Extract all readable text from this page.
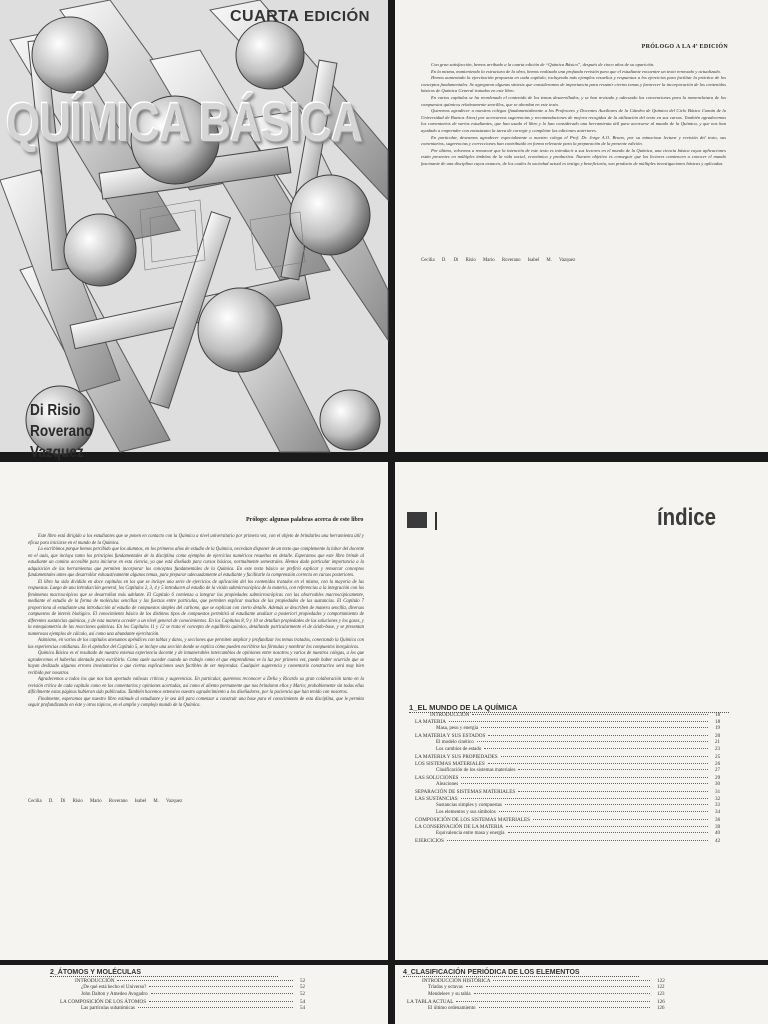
CUARTA EDICIÓN
QUÍMICA BÁSICA
Di Risio
Roverano
Vazquez
PRÓLOGO A LA 4ª EDICIÓN

Con gran satisfacción, hemos arribado a la cuarta edición de “Química Básica”, después de cinco años de su aparición.

En la misma, manteniendo la estructura de la obra, hemos realizado una profunda revisión para que el estudiante encuentre un texto renovado y actualizado.

Hemos aumentado la ejercitación propuesta en cada capítulo, incluyendo más ejemplos resueltos y respuestas a los ejercicios para facilitar la práctica de los conceptos fundamentales. Se agregaron algunas síntesis que consideramos de importancia para resumir ciertos temas y favorecer la incorporación de los contenidos básicos de Química General tratados en este libro.

En varios capítulos se ha reordenado el contenido de los temas desarrollados, y se han revisado y adecuado las convenciones para la nomenclatura de los compuestos químicos relativamente sencillos, que se abordan en este texto.

Queremos agradecer a nuestros colegas (fundamentalmente a los Profesores y Docentes Auxiliares de la Cátedra de Química del Ciclo Básico Común de la Universidad de Buenos Aires) por acercarnos sugerencias y recomendaciones de mejora recogidas de la utilización del texto en sus cursos. También agradecemos los comentarios de varios estudiantes, que han usado el libro y lo han considerado una herramienta útil para acercarse al mundo de la Química, y que nos han ayudado a emprender con entusiasmo la tarea de corregir y completar las ediciones anteriores.

En particular, deseamos agradecer especialmente a nuestro colega el Prof. Dr. Jorge A.O. Bruno, por su minuciosa lectura y revisión del texto, sus comentarios, sugerencias y correcciones han contribuido en forma relevante para la preparación de la presente edición.

Por último, volvemos a remarcar que la intención de este texto es introducir a sus lectores en el mundo de la Química, una ciencia básica cuyas aplicaciones están presentes en múltiples ámbitos de la vida social, económica y productiva. Nuestro objetivo es conseguir que los lectores comiencen a conocer el mundo fascinante de una disciplina cuyos avances, de los cuales la sociedad actual es testigo y beneficiaria, son producto de múltiples investigaciones básicas y aplicadas.

Cecilia D. Di Risio Mario Roverano Isabel M. Vazquez
Prólogo: algunas palabras acerca de este libro

Este libro está dirigido a los estudiantes que se ponen en contacto con la Química a nivel universitario por primera vez, con el objeto de brindarles una herramienta útil y eficaz para iniciarse en el mundo de la Química.

Lo escribimos porque hemos percibido que los alumnos, en los primeros años de estudio de la Química, necesitan disponer de un texto que complemente la labor del docente en el aula, que incluya tanto los principios fundamentales de la disciplina como ejemplos de ejercicios numéricos resueltos en detalle. Esperamos que este libro brinde al estudiante un camino accesible para iniciarse en esta ciencia, ya que está diseñado para cursos básicos, normalmente semestrales. Hemos dado particular importancia a la adquisición de las herramientas que permiten incorporar los conceptos fundamentales de la Química. En este texto básico se prefirió explicar y remarcar conceptos fundamentales antes que desarrollar exhaustivamente algunos temas, para preparar adecuadamente al estudiante y facilitarle la comprensión correcta en cursos posteriores.

El libro ha sido dividido en doce capítulos en los que se incluye una serie de ejercicios de aplicación del los contenidos tratados en el mismo, con la mayoría de las respuestas. Luego de una introducción general, los Capítulos 2, 3, 4 y 5 introducen al estudio de la visión submicroscópica de la materia, con referencias a la integración con los fenómenos macroscópicos que se desarrollan más adelante. El Capítulo 6 comienza a integrar las propiedades submicroscópicas con las observables macroscópicamente, mediante el estudio de la forma de moléculas sencillas y las fuerzas entre partículas, que permiten explicar muchas de las propiedades de las sustancias. El Capítulo 7 proporciona al estudiante una introducción al estudio de compuestos simples del carbono, que se explican con cierto detalle. Además se describen de manera sencilla, diversos compuestos de interés biológico. El conocimiento básico de los distintos tipos de compuestos permitirá al estudiante analizar a posteriori propiedades y comportamiento de diferentes sustancias químicas, y de esta manera acceder a un nivel general de conocimientos. En los Capítulos 8, 9 y 10 se detallan propiedades de las soluciones y los gases, y la estequiometría de las reacciones químicas. En los Capítulos 11 y 12 se trata el concepto de equilibrio químico, detallando particularmente el de ácido-base, y se presentan numerosos ejemplos de cálculo, así como una abundante ejercitación.

Asimismo, en varios de los capítulos anexamos apéndices con tablas y datos, y secciones que permiten ampliar y profundizar los temas tratados, conectando la Química con las experiencias cotidianas. En el apéndice del Capítulo 5, se incluye una sección donde se explica cómo pueden escribirse las fórmulas y nombrar los compuestos inorgánicos.

Química Básica es el resultado de nuestra extensa experiencia docente y de innumerables intercambios de opiniones entre nosotros y varios de nuestros colegas, a los que agradecemos el haberlas alentado para escribirlo. Como suele suceder cuando un trabajo como el que emprendimos ve la luz por primera vez, puede haber ocurrido que se hayan deslizado algunos errores involuntarios o que ciertas explicaciones sean factibles de ser mejoradas. Cualquier sugerencia y comentario constructivo será muy bien recibido por nosotros.

Agradecemos a todos los que nos han aportado valiosas críticas y sugerencias. En particular, queremos reconocer a Delia y Ricardo su gran colaboración tanto en la revisión crítica de cada capítulo como en los comentarios y opiniones acertadas, así como el aliento permanente que nos brindaron ellos y Mario; probablemente sin todas ellas difícilmente estas páginas hubieran sido publicadas. También hacemos extensivo nuestro agradecimiento a los diseñadores, por la paciencia que han tenido con nosotros.

Finalmente, esperamos que nuestro libro estimule al estudiante y le sea útil para comenzar a construir una base para el conocimiento de esta disciplina, que le permita seguir profundizando en éste y otros tópicos, en el amplio y complejo mundo de la Química.

Cecilia D. Di Risio Mario Roverano Isabel M. Vazquez
índice
1_EL MUNDO DE LA QUÍMICA
INTRODUCCIÓN	18
LA MATERIA	18
Masa, peso y energía	19
LA MATERIA Y SUS ESTADOS	20
El modelo cinético	21
Los cambios de estado	23
LA MATERIA Y SUS PROPIEDADES	25
LOS SISTEMAS MATERIALES	26
Clasificación de los sistemas materiales	27
LAS SOLUCIONES	29
Aleaciones	30
SEPARACIÓN DE SISTEMAS MATERIALES	31
LAS SUSTANCIAS	32
Sustancias simples y compuestas	33
Los elementos y sus símbolos	34
COMPOSICIÓN DE LOS SISTEMAS MATERIALES	36
LA CONSERVACIÓN DE LA MATERIA	39
Equivalencia entre masa y energía	40
EJERCICIOS	42
2_ÁTOMOS Y MOLÉCULAS
INTRODUCCIÓN	52
¿De qué está hecho el Universo?	52
John Dalton y Amedeo Avogadro	52
LA COMPOSICIÓN DE LOS ÁTOMOS	54
Las partículas subatómicas	54
4_CLASIFICACIÓN PERIÓDICA DE LOS ELEMENTOS
INTRODUCCIÓN HISTÓRICA	122
Tríadas y octavas	122
Mendeleev y su tabla	123
LA TABLA ACTUAL	126
El último ordenamiento	126
